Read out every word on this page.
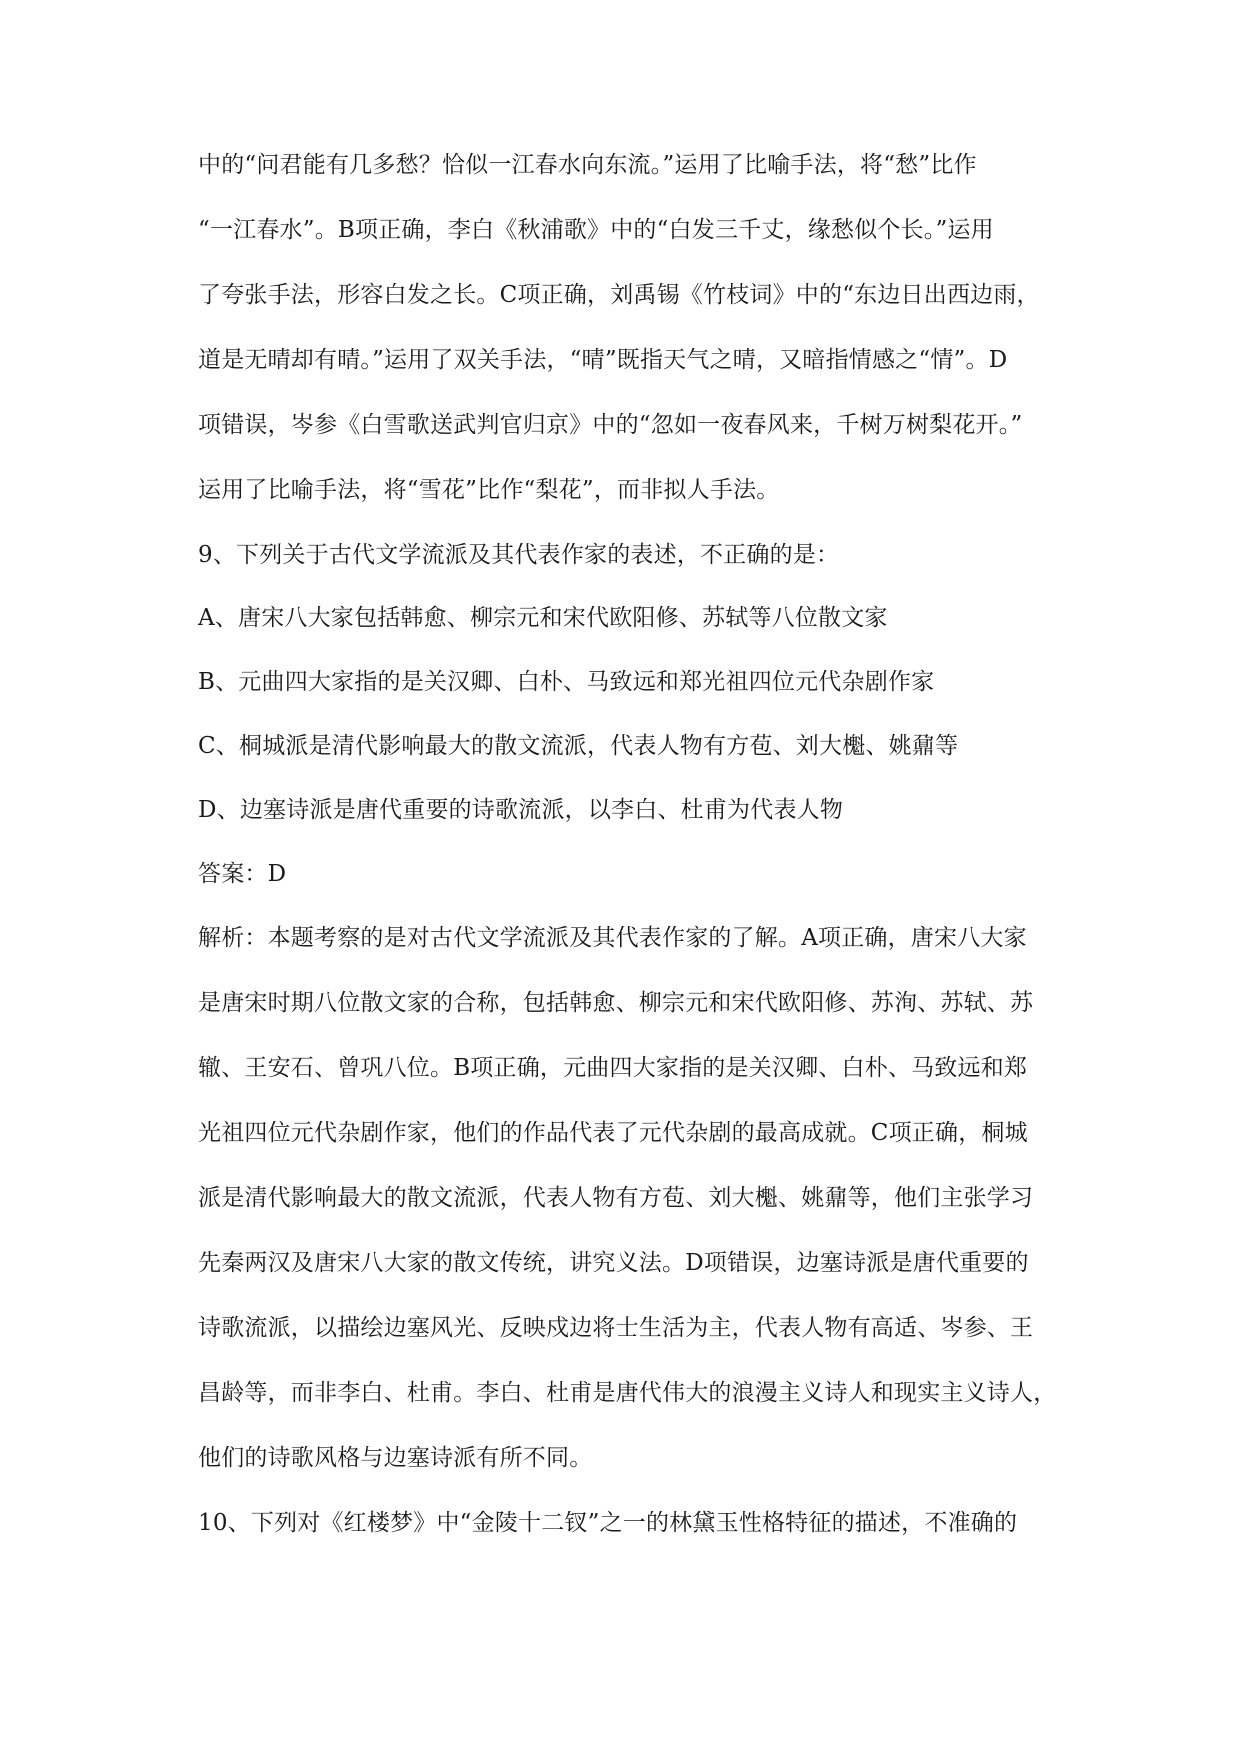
中的“问君能有几多愁？恰似一江春水向东流。”运用了比喻手法，将“愁”比作
“一江春水”。B项正确，李白《秋浦歌》中的“白发三千丈，缘愁似个长。”运用
了夸张手法，形容白发之长。C项正确，刘禹锡《竹枝词》中的“东边日出西边雨，
道是无晴却有晴。”运用了双关手法，“晴”既指天气之晴，又暗指情感之“情”。D
项错误，岑参《白雪歌送武判官归京》中的“忽如一夜春风来，千树万树梨花开。”
运用了比喻手法，将“雪花”比作“梨花”，而非拟人手法。
9、下列关于古代文学流派及其代表作家的表述，不正确的是：
A、唐宋八大家包括韩愈、柳宗元和宋代欧阳修、苏轼等八位散文家
B、元曲四大家指的是关汉卿、白朴、马致远和郑光祖四位元代杂剧作家
C、桐城派是清代影响最大的散文流派，代表人物有方苞、刘大櫆、姚鼐等
D、边塞诗派是唐代重要的诗歌流派，以李白、杜甫为代表人物
答案：D
解析：本题考察的是对古代文学流派及其代表作家的了解。A项正确，唐宋八大家
是唐宋时期八位散文家的合称，包括韩愈、柳宗元和宋代欧阳修、苏洵、苏轼、苏
辙、王安石、曾巩八位。B项正确，元曲四大家指的是关汉卿、白朴、马致远和郑
光祖四位元代杂剧作家，他们的作品代表了元代杂剧的最高成就。C项正确，桐城
派是清代影响最大的散文流派，代表人物有方苞、刘大櫆、姚鼐等，他们主张学习
先秦两汉及唐宋八大家的散文传统，讲究义法。D项错误，边塞诗派是唐代重要的
诗歌流派，以描绘边塞风光、反映戍边将士生活为主，代表人物有高适、岑参、王
昌龄等，而非李白、杜甫。李白、杜甫是唐代伟大的浪漫主义诗人和现实主义诗人，
他们的诗歌风格与边塞诗派有所不同。
10、下列对《红楼梦》中“金陵十二钗”之一的林黛玉性格特征的描述，不准确的
